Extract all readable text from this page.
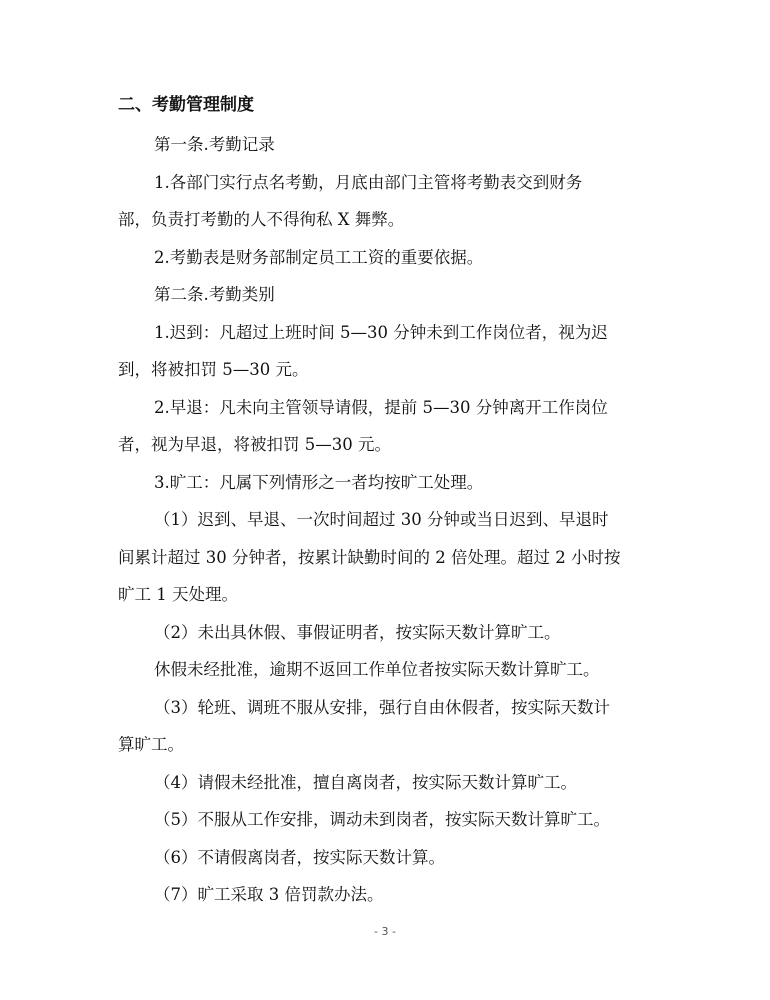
二、考勤管理制度

第一条.考勤记录

1.各部门实行点名考勤，月底由部门主管将考勤表交到财务
部，负责打考勤的人不得徇私 X 舞弊。

2.考勤表是财务部制定员工工资的重要依据。

第二条.考勤类别

1.迟到：凡超过上班时间 5—30 分钟未到工作岗位者，视为迟
到，将被扣罚 5—30 元。

2.早退：凡未向主管领导请假，提前 5—30 分钟离开工作岗位
者，视为早退，将被扣罚 5—30 元。

3.旷工：凡属下列情形之一者均按旷工处理。

（1）迟到、早退、一次时间超过 30 分钟或当日迟到、早退时
间累计超过 30 分钟者，按累计缺勤时间的 2 倍处理。超过 2 小时按
旷工 1 天处理。

（2）未出具休假、事假证明者，按实际天数计算旷工。

休假未经批准，逾期不返回工作单位者按实际天数计算旷工。

（3）轮班、调班不服从安排，强行自由休假者，按实际天数计
算旷工。

（4）请假未经批准，擅自离岗者，按实际天数计算旷工。

（5）不服从工作安排，调动未到岗者，按实际天数计算旷工。

（6）不请假离岗者，按实际天数计算。

（7）旷工采取 3 倍罚款办法。

- 3 -
